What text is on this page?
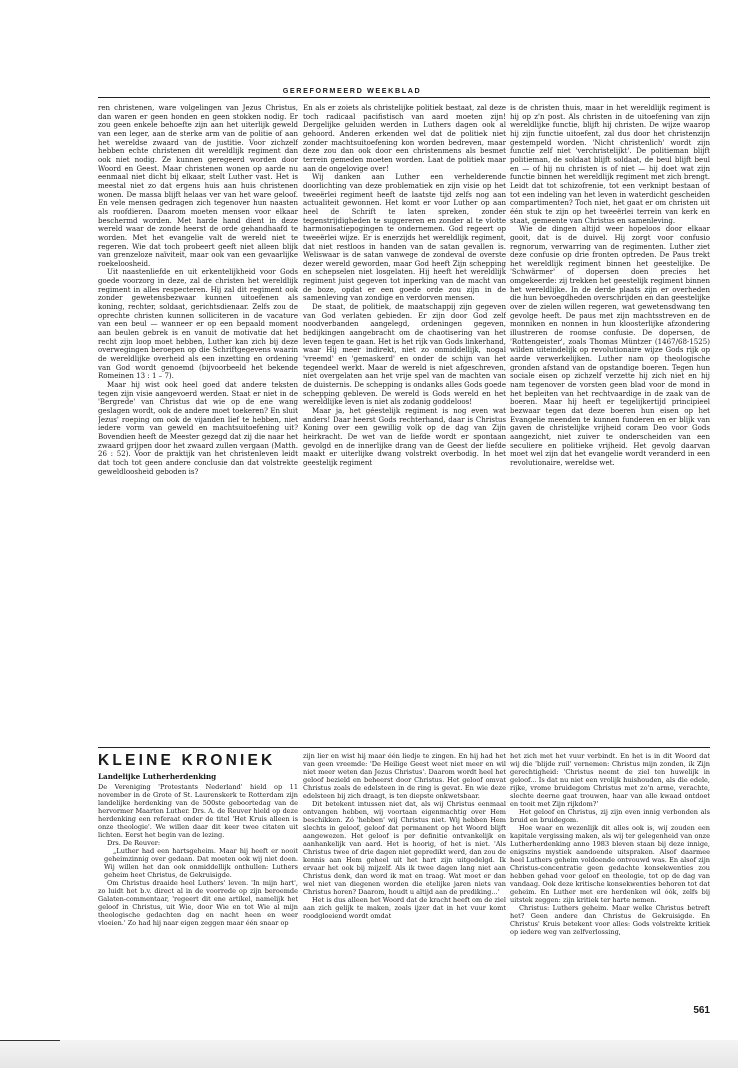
GEREFORMEERD WEEKBLAD

ren christenen, ware volgelingen van Jezus Christus, dan waren er geen honden en geen stokken nodig. Er zou geen enkele behoefte zijn aan het uiterlijk geweld van een leger, aan de sterke arm van de politie of aan het wereldse zwaard van de justitie. Voor zichzelf hebben echte christenen dit wereldlijk regiment dan ook niet nodig. Ze kunnen geregeerd worden door Woord en Geest. Maar christenen wonen op aarde nu eenmaal niet dicht bij elkaar, stelt Luther vast. Het is meestal niet zo dat ergens huis aan huis christenen wonen. De massa blijft helaas ver van het ware geloof. En vele mensen gedragen zich tegenover hun naasten als roofdieren. Daarom moeten mensen voor elkaar beschermd worden. Met harde hand dient in deze wereld waar de zonde heerst de orde gehandhaafd te worden. Met het evangelie valt de wereld niet te regeren. Wie dat toch probeert geeft niet alleen blijk van grenzeloze naïviteit, maar ook van een gevaarlijke roekeloosheid.

Uit naastenliefde en uit erkentelijkheid voor Gods goede voorzorg in deze, zal de christen het wereldlijk regiment in alles respecteren. Hij zal dit regiment ook zonder gewetensbezwaar kunnen uitoefenen als koning, rechter, soldaat, gerichtsdienaar. Zelfs zou de oprechte christen kunnen solliciteren in de vacature van een beul — wanneer er op een bepaald moment aan beulen gebrek is en vanuit de motivatie dat het recht zijn loop moet hebben, Luther kan zich bij deze overwegingen beroepen op die Schriftgegevens waarin de wereldlijke overheid als een inzetting en ordening van God wordt genoemd (bijvoorbeeld het bekende Romeinen 13 : 1 – 7).

Maar hij wist ook heel goed dat andere teksten tegen zijn visie aangevoerd werden. Staat er niet in de 'Bergrede' van Christus dat wie op de ene wang geslagen wordt, ook de andere moet toekeren? En sluit Jezus' roeping om ook de vijanden lief te hebben, niet iedere vorm van geweld en machtsuitoefening uit? Bovendien heeft de Meester gezegd dat zij die naar het zwaard grijpen door het zwaard zullen vergaan (Matth. 26 : 52). Voor de praktijk van het christenleven leidt dat toch tot geen andere conclusie dan dat volstrekte geweldloosheid geboden is?

En als er zoiets als christelijke politiek bestaat, zal deze toch radicaal pacifistisch van aard moeten zijn! Dergelijke geluiden werden in Luthers dagen ook al gehoord. Anderen erkenden wel dat de politiek niet zonder machtsuitoefening kon worden bedreven, maar deze zou dan ook door een christenmens als besmet terrein gemeden moeten worden. Laat de politiek maar aan de ongelovige over!

Wij danken aan Luther een verhelderende doorlichting van deze problematiek en zijn visie op het tweeërlei regiment heeft de laatste tijd zelfs nog aan actualiteit gewonnen. Het komt er voor Luther op aan heel de Schrift te laten spreken, zonder tegenstrijdigheden te suggereren en zonder al te vlotte harmonisatiepogingen te ondernemen. God regeert op tweeërlei wijze. Er is enerzijds het wereldlijk regiment, dat niet restloos in handen van de satan gevallen is. Weliswaar is de satan vanwege de zondeval de overste dezer wereld geworden, maar God heeft Zijn schepping en schepselen niet losgelaten. Hij heeft het wereldlijk regiment juist gegeven tot inperking van de macht van de boze, opdat er een goede orde zou zijn in de samenleving van zondige en verdorven mensen.

De staat, de politiek, de maatschappij zijn gegeven van God verlaten gebieden. Er zijn door God zelf noodverbanden aangelegd, ordeningen gegeven, bedijkingen aangebracht om de chaotisering van het leven tegen te gaan. Het is het rijk van Gods linkerhand, waar Hij meer indirekt, niet zo onmiddellijk, nogal 'vreemd' en 'gemaskerd' en onder de schijn van het tegendeel werkt. Maar de wereld is niet afgeschreven, niet overgelaten aan het vrije spel van de machten van de duisternis. De schepping is ondanks alles Gods goede schepping gebleven. De wereld is Gods wereld en het wereldlijke leven is niet als zodanig goddeloos!

Maar ja, het géestelijk regiment is nog even wat anders! Daar heerst Gods rechterhand, daar is Christus Koning over een gewillig volk op de dag van Zijn heirkracht. De wet van de liefde wordt er spontaan gevolgd en de innerlijke drang van de Geest der liefde maakt er uiterlijke dwang volstrekt overbodig. In het geestelijk regiment

is de christen thuis, maar in het wereldlijk regiment is hij op z'n post. Als christen in de uitoefening van zijn wereldlijke functie, blijft hij christen. De wijze waarop hij zijn functie uitoefent, zal dus door het christenzijn gestempeld worden. 'Nicht christenlich' wordt zijn functie zelf niet 'verchristelijkt'. De politieman blijft politieman, de soldaat blijft soldaat, de beul blijft beul en — of hij nu christen is of niet — hij doet wat zijn functie binnen het wereldlijk regiment met zich brengt. Leidt dat tot schizofrenie, tot een verknipt bestaan of tot een indeling van het leven in waterdicht gescheiden compartimenten? Toch niet, het gaat er om christen uit één stuk te zijn op het tweeërlei terrein van kerk en staat, gemeente van Christus en samenleving.

Wie de dingen altijd weer hopeloos door elkaar gooit, dat is de duivel. Hij zorgt voor confusio regnorum, verwarring van de regimenten. Luther ziet deze confusie op drie fronten optreden. De Paus trekt het wereldlijk regiment binnen het geestelijke. De 'Schwärmer' of dopersen doen precies het omgekeerde: zij trekken het geestelijk regiment binnen het wereldlijke. In de derde plaats zijn er overheden die hun bevoegdheden overschrijden en dan geestelijke over de zielen willen regeren, wat gewetensdwang ten gevolge heeft. De paus met zijn machtsstreven en de monniken en nonnen in hun kloosterlijke afzondering illustreren de roomse confusie. De dopersen, de 'Rottengeister', zoals Thomas Müntzer (1467/68-1525) wilden uiteindelijk op revolutionaire wijze Gods rijk op aarde verwerkelijken. Luther nam op theologische gronden afstand van de opstandige boeren. Tegen hun sociale eisen op zichzelf verzette hij zich niet en hij nam tegenover de vorsten geen blad voor de mond in het bepleiten van het rechtvaardige in de zaak van de boeren. Maar hij heeft er tegelijkertijd principieel bezwaar tegen dat deze boeren hun eisen op het Evangelie meenden te kunnen funderen en er blijk van gaven de christelijke vrijheid coram Deo voor Gods aangezicht, niet zuiver te onderscheiden van een seculiere en politieke vrijheid. Het gevolg daarvan moet wel zijn dat het evangelie wordt veranderd in een revolutionaire, wereldse wet.

KLEINE KRONIEK
Landelijke Lutherherdenking

De Vereniging 'Protestants Nederland' hield op 11 november in de Grote of St. Laurenskerk te Rotterdam zijn landelijke herdenking van de 500ste geboortedag van de hervormer Maarten Luther. Drs. A. de Reuver hield op deze herdenking een referaat onder de titel 'Het Kruis alleen is onze theologie'. We willen daar dit keer twee citaten uit lichten. Eerst het begin van de lezing.

Drs. De Reuver:

„Luther had een hartsgeheim. Maar hij heeft er nooit geheimzinnig over gedaan. Dat moeten ook wij niet doen. Wij willen het dan ook onmiddellijk onthullen: Luthers geheim heet Christus, de Gekruisigde.

Om Christus draaide heel Luthers' leven. 'In mijn hart', zo luidt het b.v. direct al in de voorrede op zijn beroemde Galaten-commentaar, 'regeert dit ene artikel, namelijk het geloof in Christus, uit Wie, door Wie en tot Wie al mijn theologische gedachten dag en nacht heen en weer vloeien.' Zo had hij naar eigen zeggen maar één snaar op

zijn lier en wist hij maar één liedje te zingen. En hij had het van geen vreemde: 'De Heilige Geest weet niet meer en wil niet meer weten dan Jezus Christus'. Daarom wordt heel het geloof bezield en beheerst door Christus. Het geloof omvat Christus zoals de edelsteen in de ring is gevat. En wie deze edelsteen bij zich draagt, is ten diepste onkwetsbaar.

Dit betekent intussen niet dat, als wij Christus eenmaal ontvangen hebben, wij voortaan eigenmachtig over Hem beschikken. Zó 'hebben' wij Christus niet. Wij hebben Hem slechts in geloof, geloof dat permanent op het Woord blijft aangewezen. Het geloof is per definitie ontvankelijk en aanhankelijk van aard. Het is hoorig, of het is niet. 'Als Christus twee of drie dagen niet gepredikt werd, dan zou de kennis aan Hem geheel uit het hart zijn uitgedelgd. Ik ervaar het ook bij mijzelf. Als ik twee dagen lang niet aan Christus denk, dan word ik mat en traag. Wat moet er dan wel niet van diegenen worden die etelijke jaren niets van Christus horen? Daarom, houdt u altijd aan de prediking...'

Het is dus alleen het Woord dat de kracht heeft om de ziel aan zich gelijk te maken, zoals ijzer dat in het vuur komt roodgloeiend wordt omdat

het zich met het vuur verbindt. En het is in dit Woord dat wij die 'blijde ruil' vernemen: Christus mijn zonden, ik Zijn gerechtigheid: 'Christus neemt de ziel ten huwelijk in geloof... Is dat nu niet een vrolijk huishouden, als die edele, rijke, vrome bruidegom Christus met zo'n arme, verachte, slechte deerne gaat trouwen, haar van alle kwaad ontdoet en tooit met Zijn rijkdom?'

Het geloof en Christus, zij zijn even innig verbonden als bruid en bruidegom.

Hoe waar en wezenlijk dit alles ook is, wij zouden een kapitale vergissing maken, als wij ter gelegenheid van onze Lutherherdenking anno 1983 bleven staan bij deze innige, enigszins mystiek aandoende uitspraken. Alsof daarmee heel Luthers geheim voldoende ontvouwd was. En alsof zijn Christus-concentratie geen gedachte konsekwenties zou hebben gehad voor geloof en theologie, tot op de dag van vandaag. Ook deze kritische konsekwenties behoren tot dat geheim. En Luther met ere herdenken wil óók, zelfs bij uitstek zeggen: zijn kritiek ter harte nemen.

Christus: Luthers geheim. Maar welke Christus betreft het? Geen andere dan Christus de Gekruisigde. En Christus' Kruis betekent voor alles: Gods volstrekte kritiek op iedere weg van zelfverlossing,

561
